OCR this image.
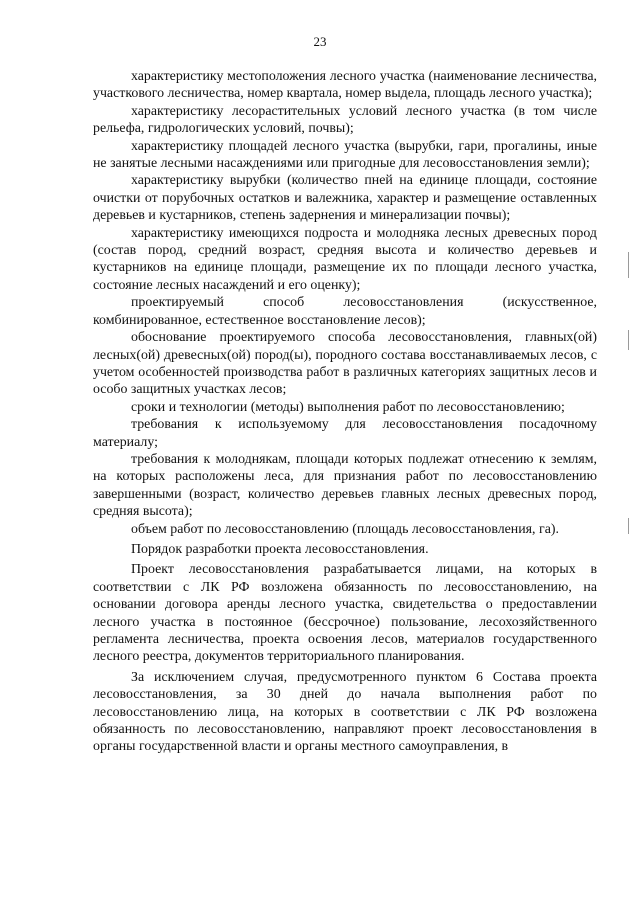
23

характеристику местоположения лесного участка (наименование лесничества, участкового лесничества, номер квартала, номер выдела, площадь лесного участка);

характеристику лесорастительных условий лесного участка (в том числе рельефа, гидрологических условий, почвы);

характеристику площадей лесного участка (вырубки, гари, прогалины, иные не занятые лесными насаждениями или пригодные для лесовосстановления земли);

характеристику вырубки (количество пней на единице площади, состояние очистки от порубочных остатков и валежника, характер и размещение оставленных деревьев и кустарников, степень задернения и минерализации почвы);

характеристику имеющихся подроста и молодняка лесных древесных пород (состав пород, средний возраст, средняя высота и количество деревьев и кустарников на единице площади, размещение их по площади лесного участка, состояние лесных насаждений и его оценку);

проектируемый способ лесовосстановления (искусственное, комбинированное, естественное восстановление лесов);

обоснование проектируемого способа лесовосстановления, главных(ой) лесных(ой) древесных(ой) пород(ы), породного состава восстанавливаемых лесов, с учетом особенностей производства работ в различных категориях защитных лесов и особо защитных участках лесов;

сроки и технологии (методы) выполнения работ по лесовосстановлению;

требования к используемому для лесовосстановления посадочному материалу;

требования к молоднякам, площади которых подлежат отнесению к землям, на которых расположены леса, для признания работ по лесовосстановлению завершенными (возраст, количество деревьев главных лесных древесных пород, средняя высота);

объем работ по лесовосстановлению (площадь лесовосстановления, га).

Порядок разработки проекта лесовосстановления.

Проект лесовосстановления разрабатывается лицами, на которых в соответствии с ЛК РФ возложена обязанность по лесовосстановлению, на основании договора аренды лесного участка, свидетельства о предоставлении лесного участка в постоянное (бессрочное) пользование, лесохозяйственного регламента лесничества, проекта освоения лесов, материалов государственного лесного реестра, документов территориального планирования.

За исключением случая, предусмотренного пунктом 6 Состава проекта лесовосстановления, за 30 дней до начала выполнения работ по лесовосстановлению лица, на которых в соответствии с ЛК РФ возложена обязанность по лесовосстановлению, направляют проект лесовосстановления в органы государственной власти и органы местного самоуправления, в
